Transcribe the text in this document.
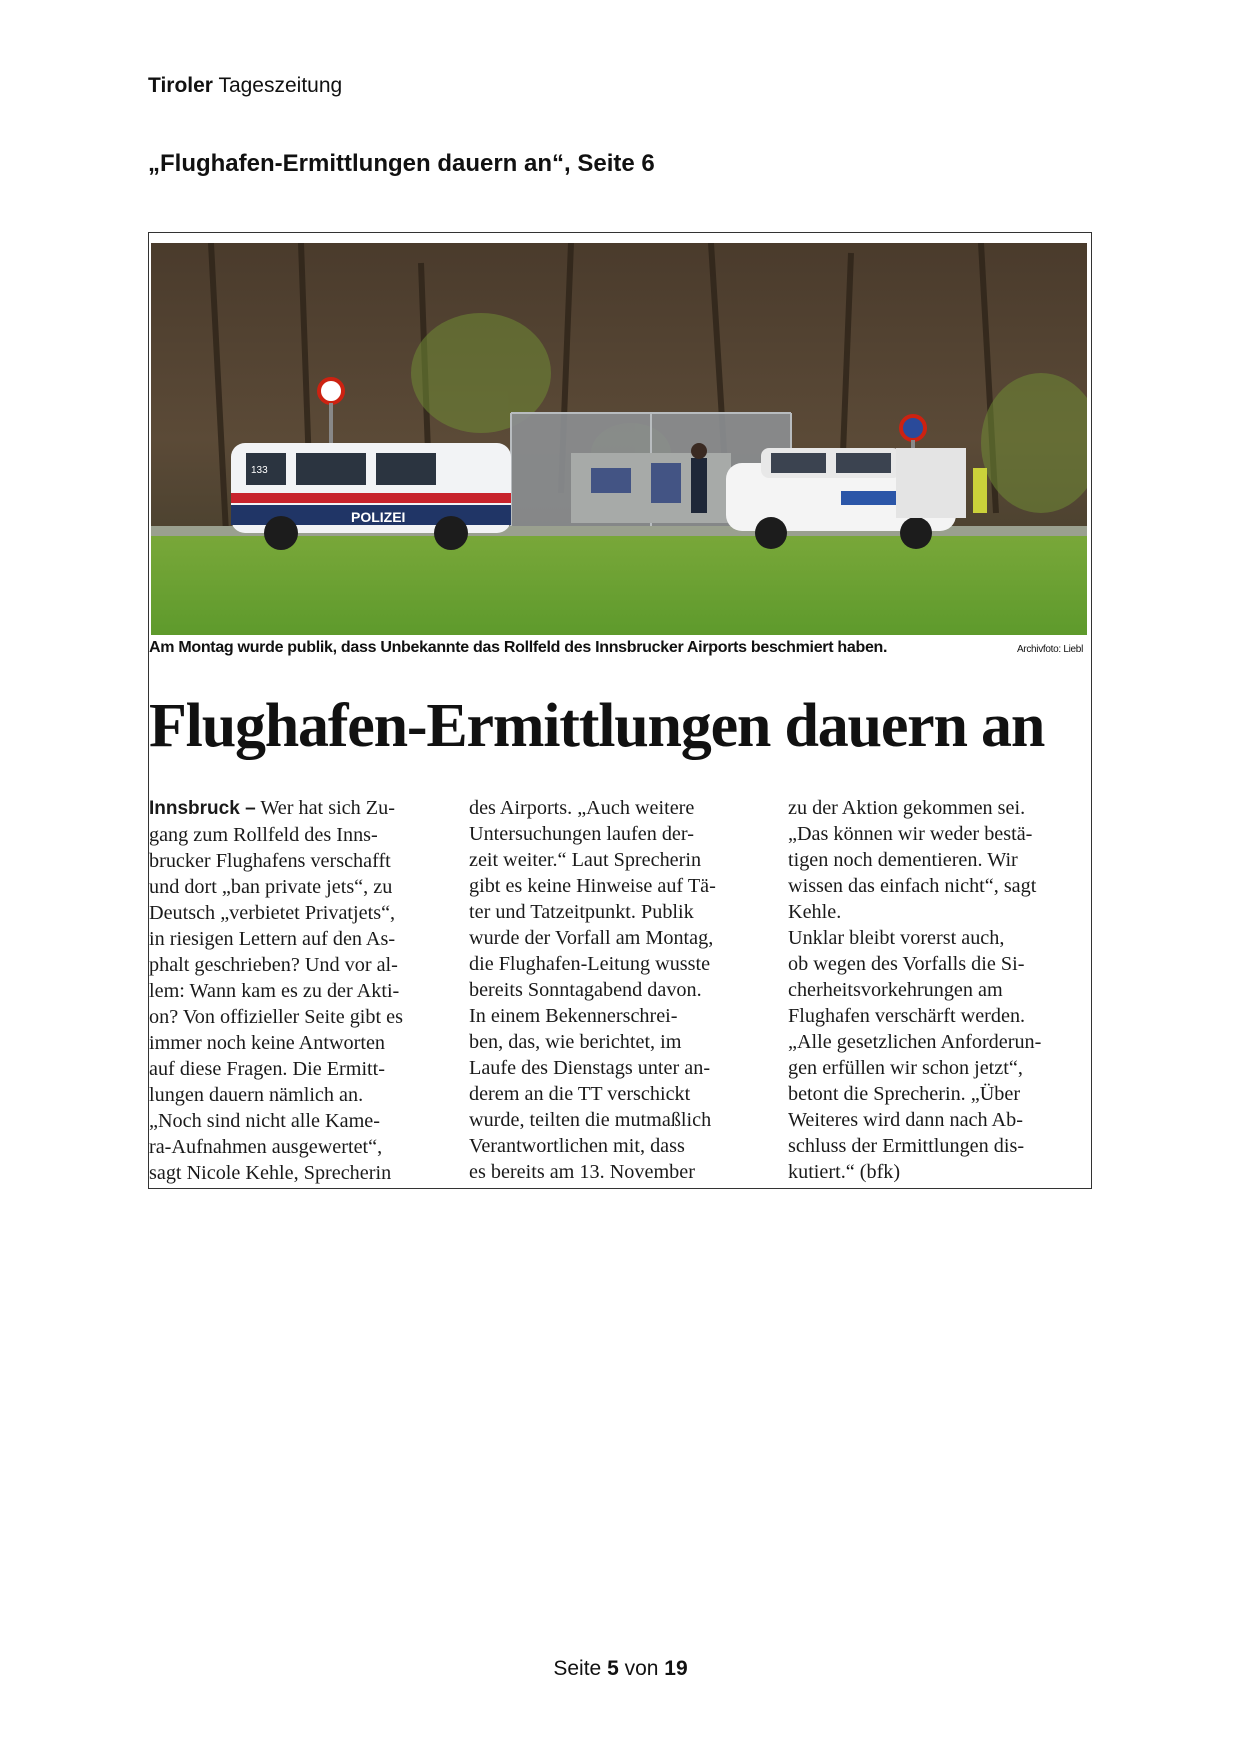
Tiroler Tageszeitung
„Flughafen-Ermittlungen dauern an“, Seite 6
POLIZEI
133
Am Montag wurde publik, dass Unbekannte das Rollfeld des Innsbrucker Airports beschmiert haben.	Archivfoto: Liebl
Flughafen-Ermittlungen dauern an
Innsbruck – Wer hat sich Zu-
gang zum Rollfeld des Inns-
brucker Flughafens verschafft
und dort „ban private jets“, zu
Deutsch „verbietet Privatjets“,
in riesigen Lettern auf den As-
phalt geschrieben? Und vor al-
lem: Wann kam es zu der Akti-
on? Von offizieller Seite gibt es
immer noch keine Antworten
auf diese Fragen. Die Ermitt-
lungen dauern nämlich an.
„Noch sind nicht alle Kame-
ra-Aufnahmen ausgewertet“,
sagt Nicole Kehle, Sprecherin
des Airports. „Auch weitere
Untersuchungen laufen der-
zeit weiter.“ Laut Sprecherin
gibt es keine Hinweise auf Tä-
ter und Tatzeitpunkt. Publik
wurde der Vorfall am Montag,
die Flughafen-Leitung wusste
bereits Sonntagabend davon.
In einem Bekennerschrei-
ben, das, wie berichtet, im
Laufe des Dienstags unter an-
derem an die TT verschickt
wurde, teilten die mutmaßlich
Verantwortlichen mit, dass
es bereits am 13. November
zu der Aktion gekommen sei.
„Das können wir weder bestä-
tigen noch dementieren. Wir
wissen das einfach nicht“, sagt
Kehle.
Unklar bleibt vorerst auch,
ob wegen des Vorfalls die Si-
cherheitsvorkehrungen am
Flughafen verschärft werden.
„Alle gesetzlichen Anforderun-
gen erfüllen wir schon jetzt“,
betont die Sprecherin. „Über
Weiteres wird dann nach Ab-
schluss der Ermittlungen dis-
kutiert.“ (bfk)
Seite 5 von 19
